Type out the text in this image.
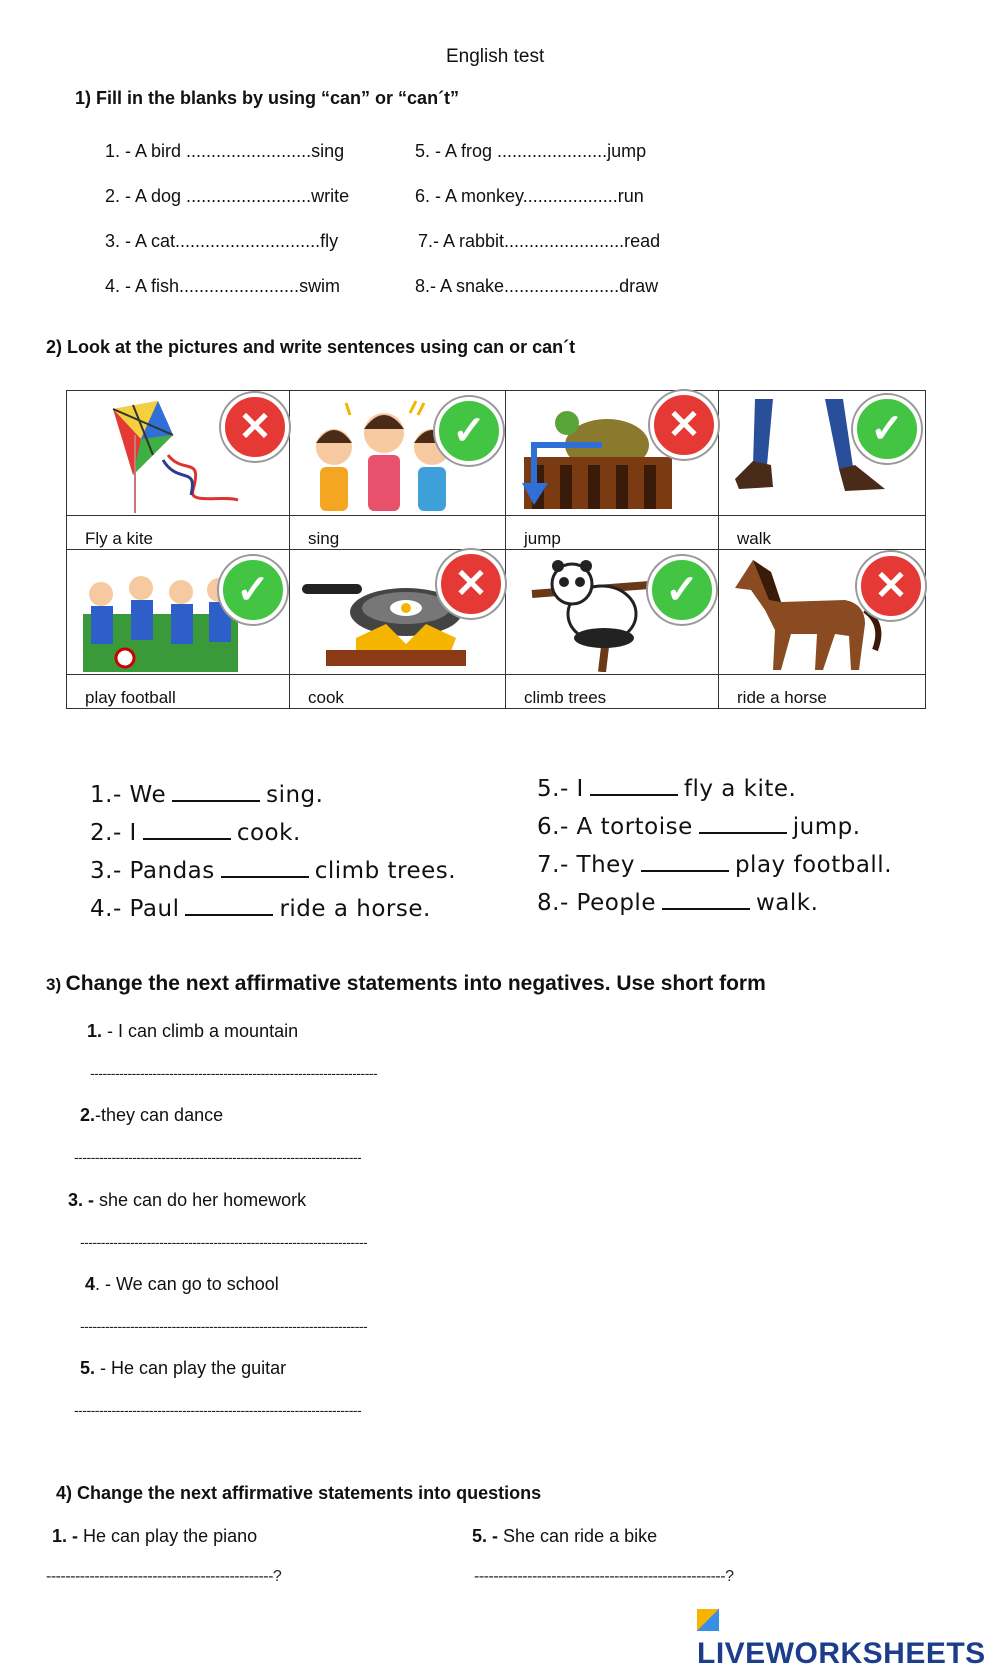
English test
1) Fill in the blanks by using “can” or “can´t”
1. - A bird .........................sing
2. - A dog .........................write
3. - A cat.............................fly
4. - A fish........................swim
5. - A frog ......................jump
6. - A monkey...................run
7.- A rabbit........................read
8.- A snake.......................draw
2) Look at the pictures and write sentences using can or can´t
✕	✓	✕	✓

Fly a kite	sing	jump	walk

✓	✕	✓	✕

play football	cook	climb trees	ride a horse
1.- We	sing.
2.- I	cook.
3.- Pandas	climb trees.
4.- Paul	ride a horse.
5.- I	fly a kite.
6.- A tortoise	jump.
7.- They	play football.
8.- People	walk.
3) Change the next affirmative statements into negatives. Use short form
1. - I can climb a mountain
---------------------------------------------------------------------
2.-they can dance
---------------------------------------------------------------------
3. - she can do her homework
---------------------------------------------------------------------
4. - We can go to school
---------------------------------------------------------------------
5. - He can play the guitar
---------------------------------------------------------------------
4) Change the next affirmative statements into questions
1. - He can play the piano	5. - She can ride a bike
-----------------------------------------------?	----------------------------------------------------?
LIVEWORKSHEETS
